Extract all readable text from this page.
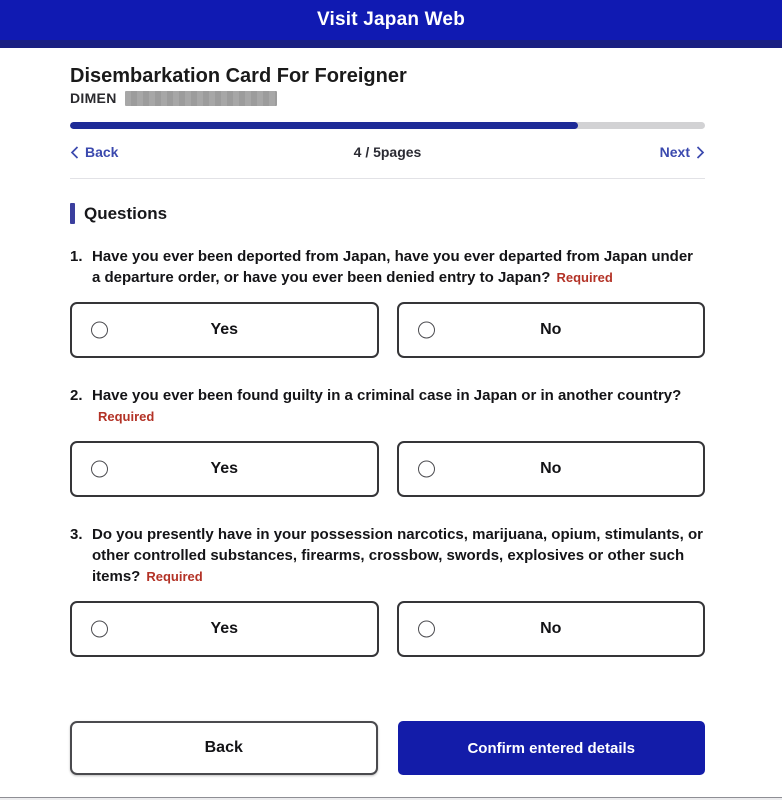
Visit Japan Web
Disembarkation Card For Foreigner
DIMEN
Back	4 / 5pages	Next
Questions
1. Have you ever been deported from Japan, have you ever departed from Japan under a departure order, or have you ever been denied entry to Japan? Required
Yes	No
2. Have you ever been found guilty in a criminal case in Japan or in another country?Required
Yes	No
3. Do you presently have in your possession narcotics, marijuana, opium, stimulants, or other controlled substances, firearms, crossbow, swords, explosives or other such items? Required
Yes	No
Back	Confirm entered details
